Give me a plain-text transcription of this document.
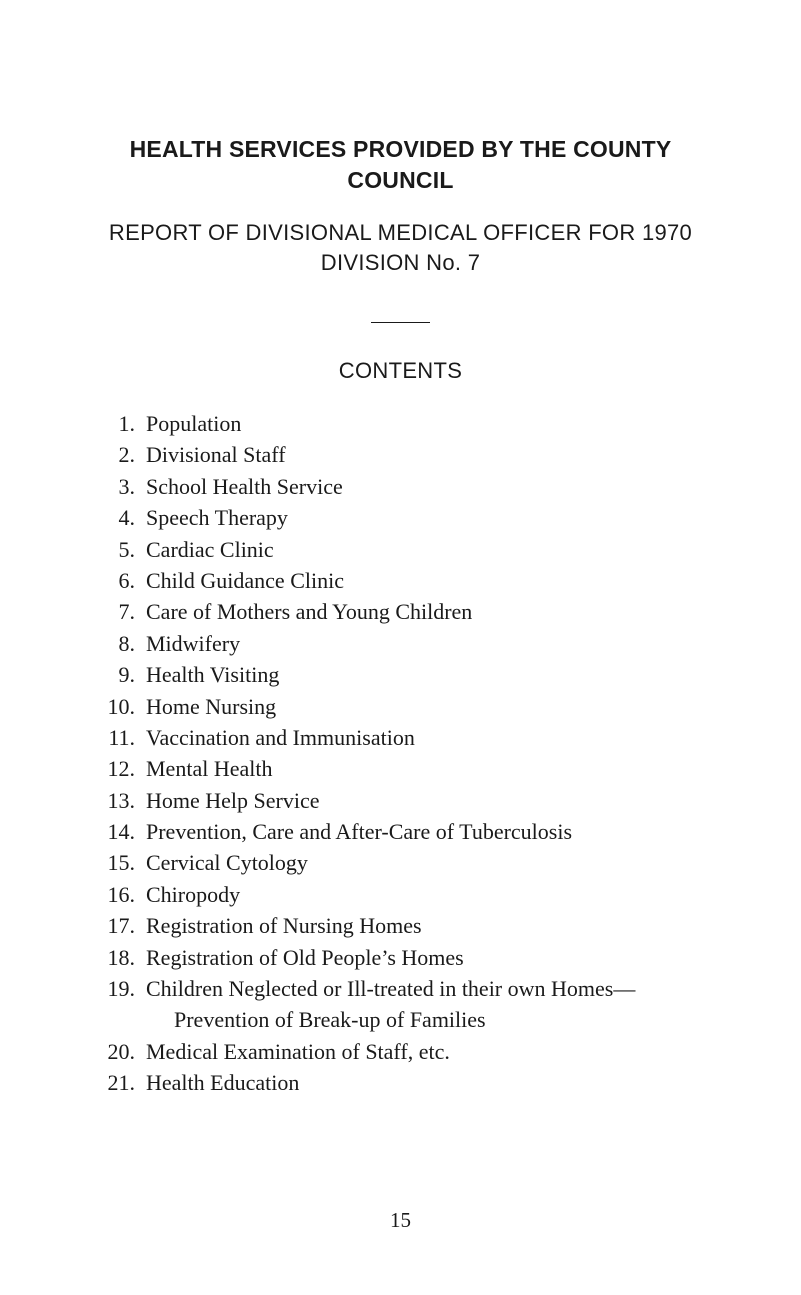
HEALTH SERVICES PROVIDED BY THE COUNTY
COUNCIL
REPORT OF DIVISIONAL MEDICAL OFFICER FOR 1970
DIVISION No. 7
CONTENTS
1. Population
2. Divisional Staff
3. School Health Service
4. Speech Therapy
5. Cardiac Clinic
6. Child Guidance Clinic
7. Care of Mothers and Young Children
8. Midwifery
9. Health Visiting
10. Home Nursing
11. Vaccination and Immunisation
12. Mental Health
13. Home Help Service
14. Prevention, Care and After-Care of Tuberculosis
15. Cervical Cytology
16. Chiropody
17. Registration of Nursing Homes
18. Registration of Old People’s Homes
19. Children Neglected or Ill-treated in their own Homes—
Prevention of Break-up of Families
20. Medical Examination of Staff, etc.
21. Health Education
15
